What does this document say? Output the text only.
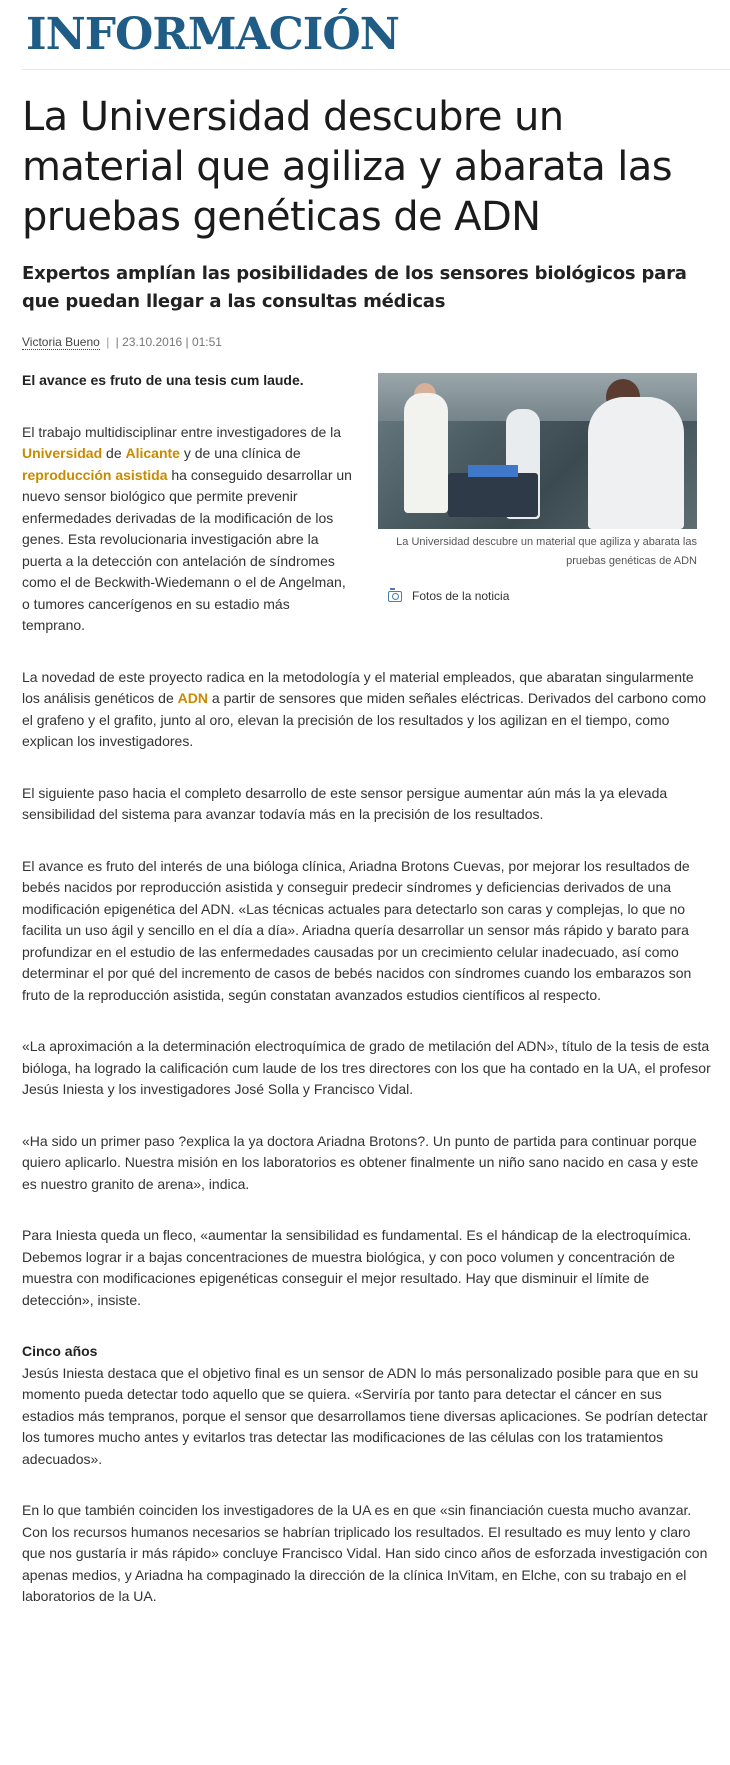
INFORMACIÓN
La Universidad descubre un material que agiliza y abarata las pruebas genéticas de ADN
Expertos amplían las posibilidades de los sensores biológicos para que puedan llegar a las consultas médicas
Victoria Bueno | | 23.10.2016 | 01:51
La Universidad descubre un material que agiliza y abarata las pruebas genéticas de ADN
Fotos de la noticia

El avance es fruto de una tesis cum laude.

El trabajo multidisciplinar entre investigadores de la Universidad de Alicante y de una clínica de reproducción asistida ha conseguido desarrollar un nuevo sensor biológico que permite prevenir enfermedades derivadas de la modificación de los genes. Esta revolucionaria investigación abre la puerta a la detección con antelación de síndromes como el de Beckwith-Wiedemann o el de Angelman, o tumores cancerígenos en su estadio más temprano.

La novedad de este proyecto radica en la metodología y el material empleados, que abaratan singularmente los análisis genéticos de ADN a partir de sensores que miden señales eléctricas. Derivados del carbono como el grafeno y el grafito, junto al oro, elevan la precisión de los resultados y los agilizan en el tiempo, como explican los investigadores.

El siguiente paso hacia el completo desarrollo de este sensor persigue aumentar aún más la ya elevada sensibilidad del sistema para avanzar todavía más en la precisión de los resultados.

El avance es fruto del interés de una bióloga clínica, Ariadna Brotons Cuevas, por mejorar los resultados de bebés nacidos por reproducción asistida y conseguir predecir síndromes y deficiencias derivados de una modificación epigenética del ADN. «Las técnicas actuales para detectarlo son caras y complejas, lo que no facilita un uso ágil y sencillo en el día a día». Ariadna quería desarrollar un sensor más rápido y barato para profundizar en el estudio de las enfermedades causadas por un crecimiento celular inadecuado, así como determinar el por qué del incremento de casos de bebés nacidos con síndromes cuando los embarazos son fruto de la reproducción asistida, según constatan avanzados estudios científicos al respecto.

«La aproximación a la determinación electroquímica de grado de metilación del ADN», título de la tesis de esta bióloga, ha logrado la calificación cum laude de los tres directores con los que ha contado en la UA, el profesor Jesús Iniesta y los investigadores José Solla y Francisco Vidal.

«Ha sido un primer paso ?explica la ya doctora Ariadna Brotons?. Un punto de partida para continuar porque quiero aplicarlo. Nuestra misión en los laboratorios es obtener finalmente un niño sano nacido en casa y este es nuestro granito de arena», indica.

Para Iniesta queda un fleco, «aumentar la sensibilidad es fundamental. Es el hándicap de la electroquímica. Debemos lograr ir a bajas concentraciones de muestra biológica, y con poco volumen y concentración de muestra con modificaciones epigenéticas conseguir el mejor resultado. Hay que disminuir el límite de detección», insiste.

Cinco años

Jesús Iniesta destaca que el objetivo final es un sensor de ADN lo más personalizado posible para que en su momento pueda detectar todo aquello que se quiera. «Serviría por tanto para detectar el cáncer en sus estadios más tempranos, porque el sensor que desarrollamos tiene diversas aplicaciones. Se podrían detectar los tumores mucho antes y evitarlos tras detectar las modificaciones de las células con los tratamientos adecuados».

En lo que también coinciden los investigadores de la UA es en que «sin financiación cuesta mucho avanzar. Con los recursos humanos necesarios se habrían triplicado los resultados. El resultado es muy lento y claro que nos gustaría ir más rápido» concluye Francisco Vidal. Han sido cinco años de esforzada investigación con apenas medios, y Ariadna ha compaginado la dirección de la clínica InVitam, en Elche, con su trabajo en el laboratorios de la UA.
